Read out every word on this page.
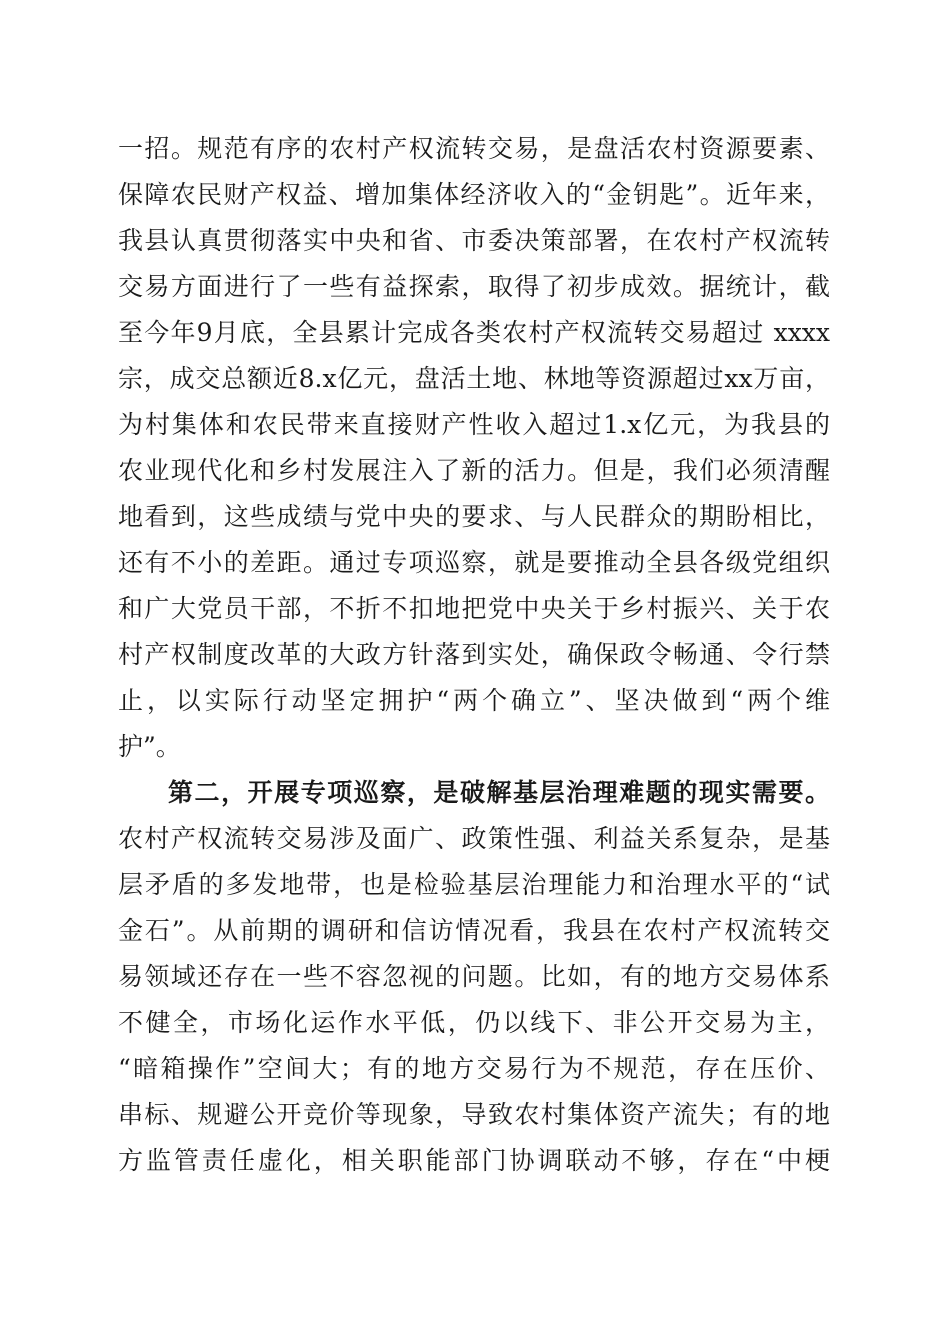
一招。规范有序的农村产权流转交易，是盘活农村资源要素、
保障农民财产权益、增加集体经济收入的“金钥匙”。近年来，
我县认真贯彻落实中央和省、市委决策部署，在农村产权流转
交易方面进行了一些有益探索，取得了初步成效。据统计，截
至今年9月底，全县累计完成各类农村产权流转交易超过 xxxx
宗，成交总额近8.x亿元，盘活土地、林地等资源超过xx万亩，
为村集体和农民带来直接财产性收入超过1.x亿元，为我县的
农业现代化和乡村发展注入了新的活力。但是，我们必须清醒
地看到，这些成绩与党中央的要求、与人民群众的期盼相比，
还有不小的差距。通过专项巡察，就是要推动全县各级党组织
和广大党员干部，不折不扣地把党中央关于乡村振兴、关于农
村产权制度改革的大政方针落到实处，确保政令畅通、令行禁
止，以实际行动坚定拥护“两个确立”、坚决做到“两个维
护”。
第二，开展专项巡察，是破解基层治理难题的现实需要。
农村产权流转交易涉及面广、政策性强、利益关系复杂，是基
层矛盾的多发地带，也是检验基层治理能力和治理水平的“试
金石”。从前期的调研和信访情况看，我县在农村产权流转交
易领域还存在一些不容忽视的问题。比如，有的地方交易体系
不健全，市场化运作水平低，仍以线下、非公开交易为主，
“暗箱操作”空间大；有的地方交易行为不规范，存在压价、
串标、规避公开竞价等现象，导致农村集体资产流失；有的地
方监管责任虚化，相关职能部门协调联动不够，存在“中梗
